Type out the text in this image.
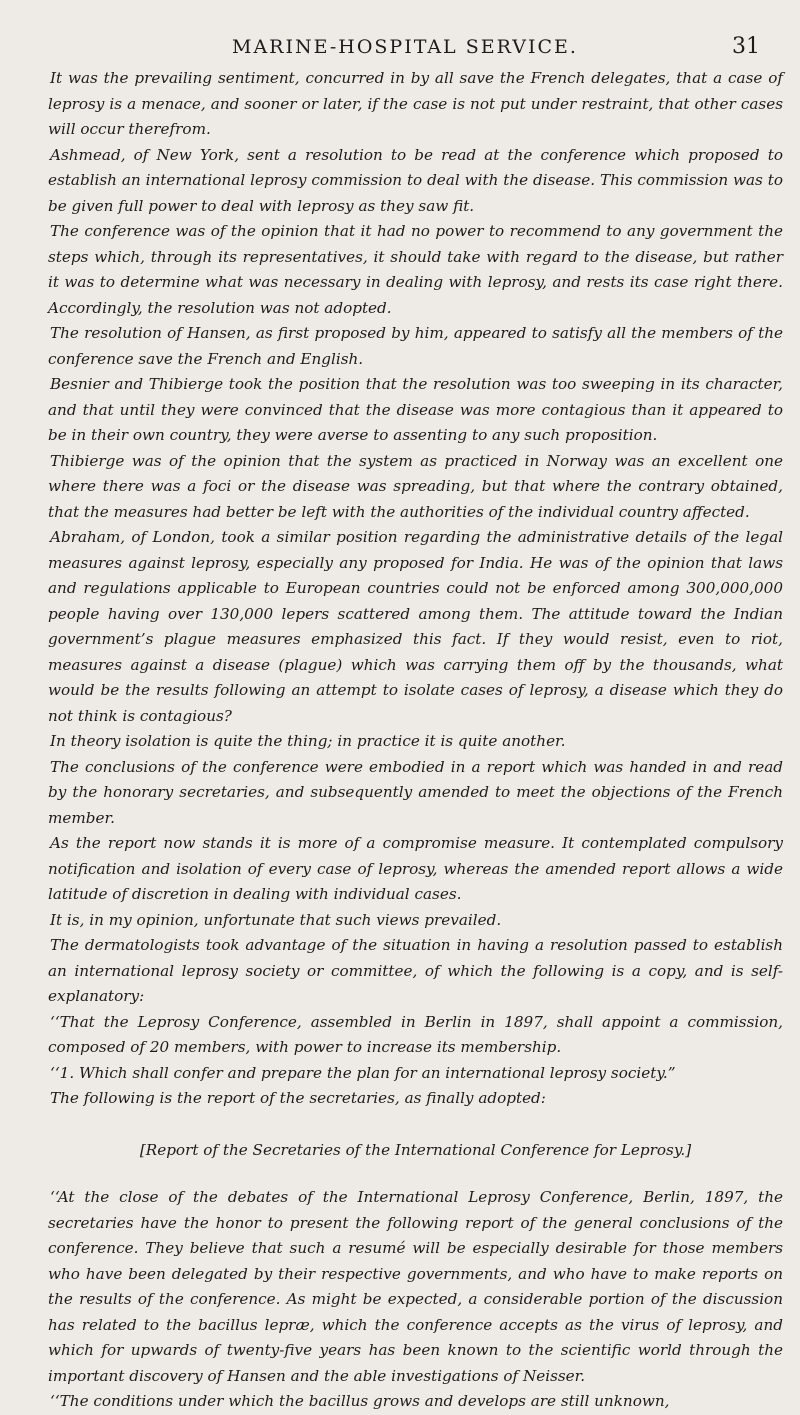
MARINE-HOSPITAL SERVICE.	31

It was the prevailing sentiment, concurred in by all save the French delegates, that a case of leprosy is a menace, and sooner or later, if the case is not put under restraint, that other cases will occur therefrom.

Ashmead, of New York, sent a resolution to be read at the conference which proposed to establish an international leprosy commission to deal with the disease. This commission was to be given full power to deal with leprosy as they saw fit.

The conference was of the opinion that it had no power to recommend to any government the steps which, through its representatives, it should take with regard to the disease, but rather it was to determine what was necessary in dealing with leprosy, and rests its case right there. Accordingly, the resolution was not adopted.

The resolution of Hansen, as first proposed by him, appeared to satisfy all the members of the conference save the French and English.

Besnier and Thibierge took the position that the resolution was too sweeping in its character, and that until they were convinced that the disease was more contagious than it appeared to be in their own country, they were averse to assenting to any such proposition.

Thibierge was of the opinion that the system as practiced in Norway was an excellent one where there was a foci or the disease was spreading, but that where the contrary obtained, that the measures had better be left with the authorities of the individual country affected.

Abraham, of London, took a similar position regarding the administrative details of the legal measures against leprosy, especially any proposed for India. He was of the opinion that laws and regulations applicable to European countries could not be enforced among 300,000,000 people having over 130,000 lepers scattered among them. The attitude toward the Indian government’s plague measures emphasized this fact. If they would resist, even to riot, measures against a disease (plague) which was carrying them off by the thousands, what would be the results following an attempt to isolate cases of leprosy, a disease which they do not think is contagious?

In theory isolation is quite the thing; in practice it is quite another.

The conclusions of the conference were embodied in a report which was handed in and read by the honorary secretaries, and subsequently amended to meet the objections of the French member.

As the report now stands it is more of a compromise measure. It contemplated compulsory notification and isolation of every case of leprosy, whereas the amended report allows a wide latitude of discretion in dealing with individual cases.

It is, in my opinion, unfortunate that such views prevailed.

The dermatologists took advantage of the situation in having a resolution passed to establish an international leprosy society or committee, of which the following is a copy, and is self-explanatory:

‘‘That the Leprosy Conference, assembled in Berlin in 1897, shall appoint a commission, composed of 20 members, with power to increase its membership.

‘‘1. Which shall confer and prepare the plan for an international leprosy society.”

The following is the report of the secretaries, as finally adopted:

[Report of the Secretaries of the International Conference for Leprosy.]

‘‘At the close of the debates of the International Leprosy Conference, Berlin, 1897, the secretaries have the honor to present the following report of the general conclusions of the conference. They believe that such a resumé will be especially desirable for those members who have been delegated by their respective governments, and who have to make reports on the results of the conference. As might be expected, a considerable portion of the discussion has related to the bacillus lepræ, which the conference accepts as the virus of leprosy, and which for upwards of twenty-five years has been known to the scientific world through the important discovery of Hansen and the able investigations of Neisser.

‘‘The conditions under which the bacillus grows and develops are still unknown,
